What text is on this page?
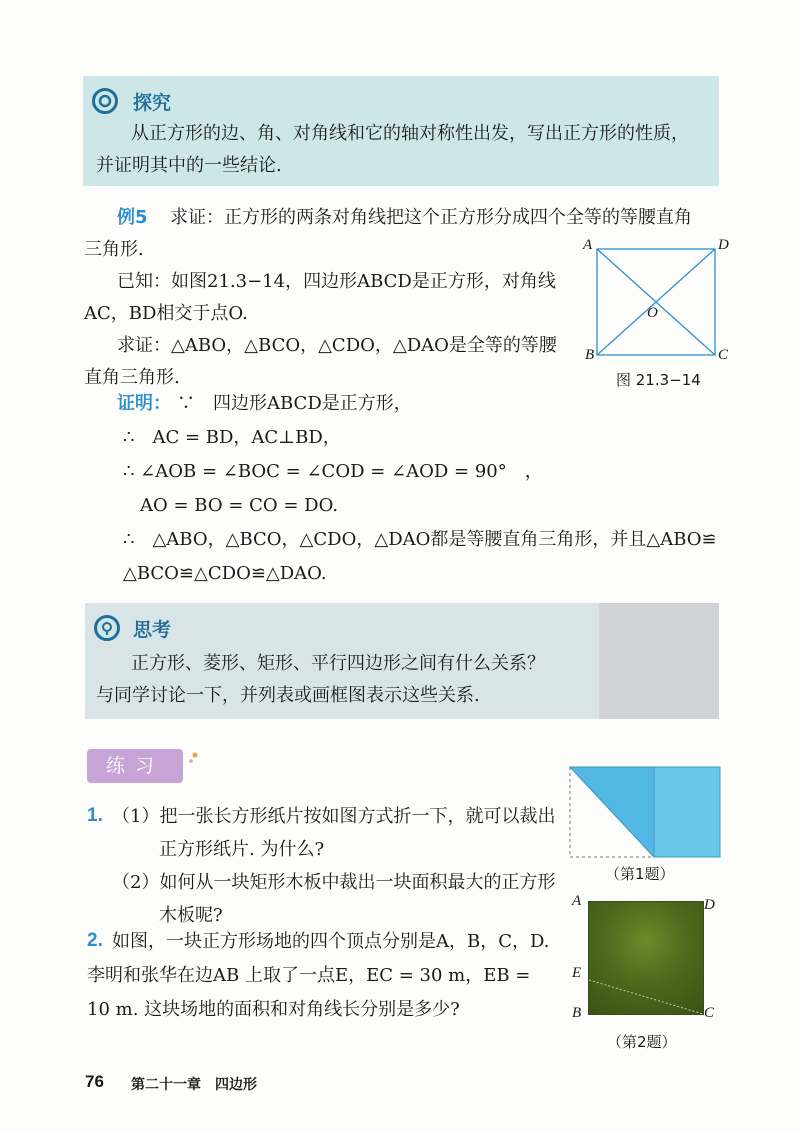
探究
从正方形的边、角、对角线和它的轴对称性出发，写出正方形的性质，
并证明其中的一些结论.
例5 求证：正方形的两条对角线把这个正方形分成四个全等的等腰直角
三角形.
已知：如图21.3−14，四边形ABCD是正方形，对角线
AC，BD相交于点O.
求证：△ABO，△BCO，△CDO，△DAO是全等的等腰
直角三角形.
A	D
O
B	C
图 21.3−14
证明： ∵　四边形ABCD是正方形，
∴　AC = BD，AC⊥BD，
∴ ∠AOB = ∠BOC = ∠COD = ∠AOD = 90°　，
AO = BO = CO = DO.
∴　△ABO，△BCO，△CDO，△DAO都是等腰直角三角形，并且△ABO≌
△BCO≌△CDO≌△DAO.
思考
正方形、菱形、矩形、平行四边形之间有什么关系？
与同学讨论一下，并列表或画框图表示这些关系.
练习
1. （1）把一张长方形纸片按如图方式折一下，就可以裁出
正方形纸片. 为什么?
（2）如何从一块矩形木板中裁出一块面积最大的正方形
木板呢?
（第1题）
2. 如图，一块正方形场地的四个顶点分别是A，B，C，D.
李明和张华在边AB 上取了一点E，EC = 30 m，EB =
10 m. 这块场地的面积和对角线长分别是多少?
A	D
E
B	C
（第2题）
76 第二十一章　四边形
